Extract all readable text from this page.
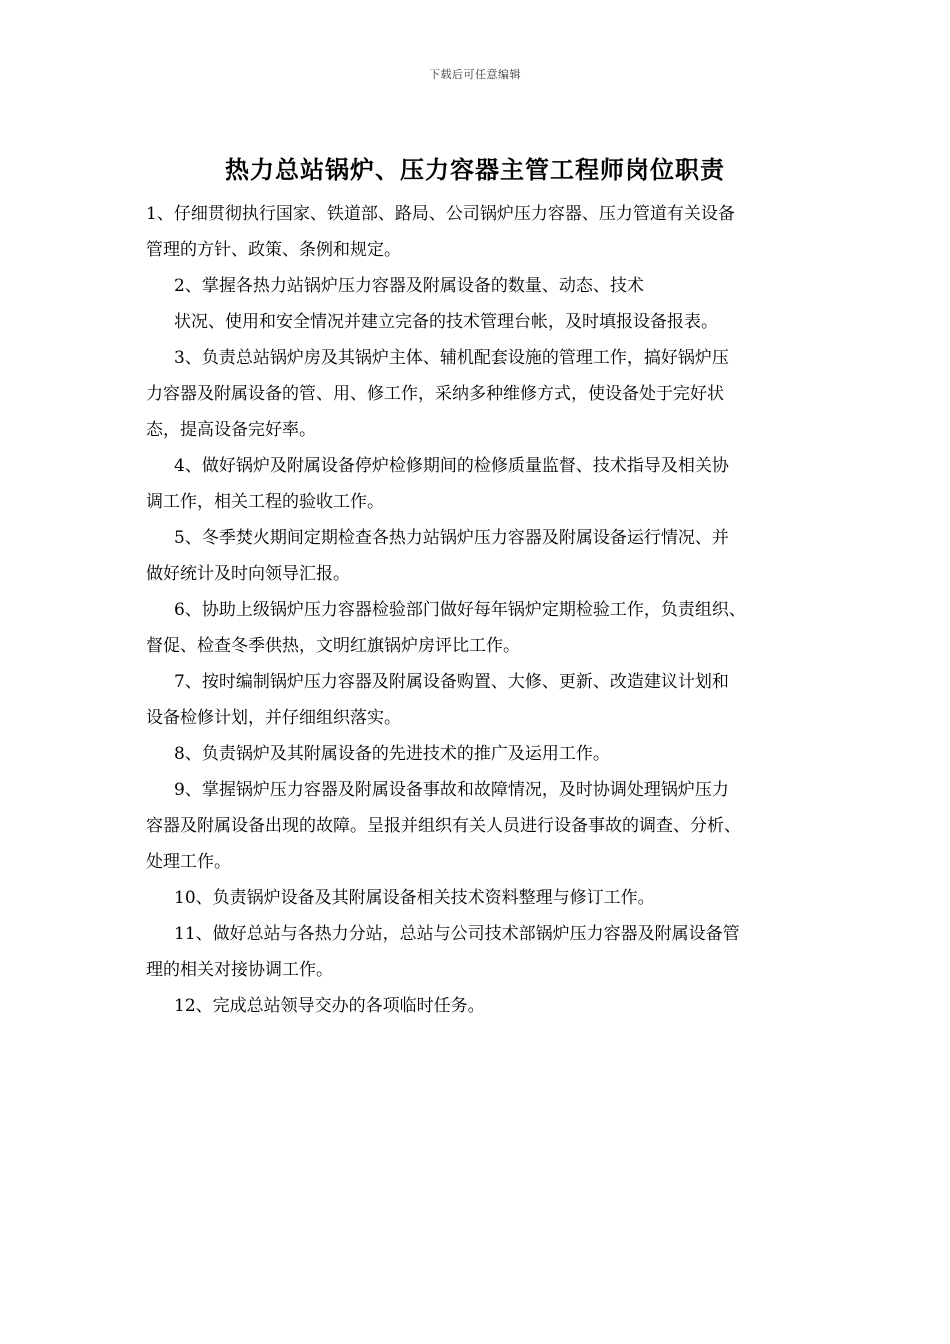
下载后可任意编辑
热力总站锅炉、压力容器主管工程师岗位职责
1、仔细贯彻执行国家、铁道部、路局、公司锅炉压力容器、压力管道有关设备
管理的方针、政策、条例和规定。
2、掌握各热力站锅炉压力容器及附属设备的数量、动态、技术
状况、使用和安全情况并建立完备的技术管理台帐，及时填报设备报表。
3、负责总站锅炉房及其锅炉主体、辅机配套设施的管理工作，搞好锅炉压
力容器及附属设备的管、用、修工作，采纳多种维修方式，使设备处于完好状
态，提高设备完好率。
4、做好锅炉及附属设备停炉检修期间的检修质量监督、技术指导及相关协
调工作，相关工程的验收工作。
5、冬季焚火期间定期检查各热力站锅炉压力容器及附属设备运行情况、并
做好统计及时向领导汇报。
6、协助上级锅炉压力容器检验部门做好每年锅炉定期检验工作，负责组织、
督促、检查冬季供热，文明红旗锅炉房评比工作。
7、按时编制锅炉压力容器及附属设备购置、大修、更新、改造建议计划和
设备检修计划，并仔细组织落实。
8、负责锅炉及其附属设备的先进技术的推广及运用工作。
9、掌握锅炉压力容器及附属设备事故和故障情况，及时协调处理锅炉压力
容器及附属设备出现的故障。呈报并组织有关人员进行设备事故的调查、分析、
处理工作。
10、负责锅炉设备及其附属设备相关技术资料整理与修订工作。
11、做好总站与各热力分站，总站与公司技术部锅炉压力容器及附属设备管
理的相关对接协调工作。
12、完成总站领导交办的各项临时任务。
